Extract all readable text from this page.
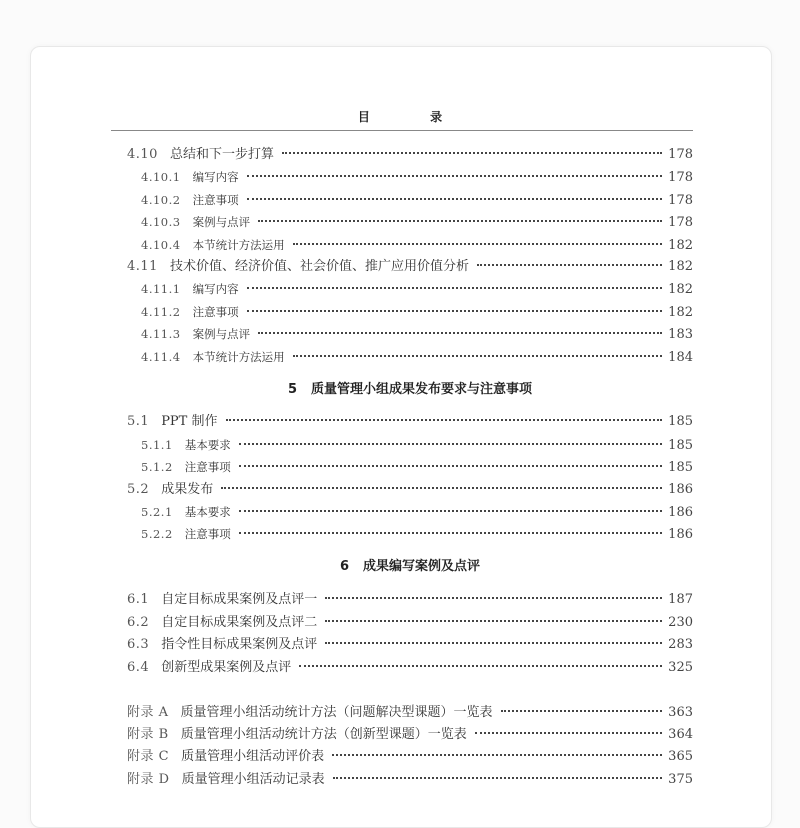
目 录
4.10 总结和下一步打算	178
4.10.1 编写内容	178
4.10.2 注意事项	178
4.10.3 案例与点评	178
4.10.4 本节统计方法运用	182
4.11 技术价值、经济价值、社会价值、推广应用价值分析	182
4.11.1 编写内容	182
4.11.2 注意事项	182
4.11.3 案例与点评	183
4.11.4 本节统计方法运用	184
5 质量管理小组成果发布要求与注意事项
5.1 PPT 制作	185
5.1.1 基本要求	185
5.1.2 注意事项	185
5.2 成果发布	186
5.2.1 基本要求	186
5.2.2 注意事项	186
6 成果编写案例及点评
6.1 自定目标成果案例及点评一	187
6.2 自定目标成果案例及点评二	230
6.3 指令性目标成果案例及点评	283
6.4 创新型成果案例及点评	325
附录 A 质量管理小组活动统计方法（问题解决型课题）一览表	363
附录 B 质量管理小组活动统计方法（创新型课题）一览表	364
附录 C 质量管理小组活动评价表	365
附录 D 质量管理小组活动记录表	375
